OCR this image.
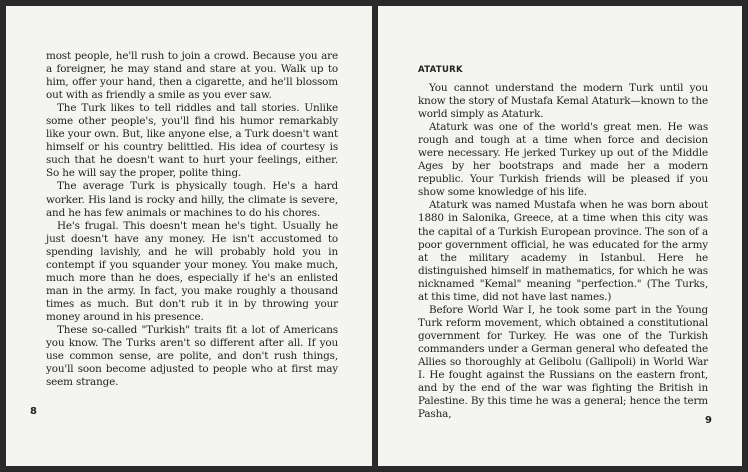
most people, he'll rush to join a crowd. Because you are a foreigner, he may stand and stare at you. Walk up to him, offer your hand, then a cigarette, and he'll blossom out with as friendly a smile as you ever saw.

The Turk likes to tell riddles and tall stories. Unlike some other people's, you'll find his humor remarkably like your own. But, like anyone else, a Turk doesn't want himself or his country belittled. His idea of courtesy is such that he doesn't want to hurt your feelings, either. So he will say the proper, polite thing.

The average Turk is physically tough. He's a hard worker. His land is rocky and hilly, the climate is severe, and he has few animals or machines to do his chores.

He's frugal. This doesn't mean he's tight. Usually he just doesn't have any money. He isn't accustomed to spending lavishly, and he will probably hold you in contempt if you squander your money. You make much, much more than he does, especially if he's an enlisted man in the army. In fact, you make roughly a thousand times as much. But don't rub it in by throwing your money around in his presence.

These so-called "Turkish" traits fit a lot of Americans you know. The Turks aren't so different after all. If you use common sense, are polite, and don't rush things, you'll soon become adjusted to people who at first may seem strange.

8
ATATURK

You cannot understand the modern Turk until you know the story of Mustafa Kemal Ataturk—known to the world simply as Ataturk.

Ataturk was one of the world's great men. He was rough and tough at a time when force and decision were necessary. He jerked Turkey up out of the Middle Ages by her bootstraps and made her a modern republic. Your Turkish friends will be pleased if you show some knowledge of his life.

Ataturk was named Mustafa when he was born about 1880 in Salonika, Greece, at a time when this city was the capital of a Turkish European province. The son of a poor government official, he was educated for the army at the military academy in Istanbul. Here he distinguished himself in mathematics, for which he was nicknamed "Kemal" meaning "perfection." (The Turks, at this time, did not have last names.)

Before World War I, he took some part in the Young Turk reform movement, which obtained a constitutional government for Turkey. He was one of the Turkish commanders under a German general who defeated the Allies so thoroughly at Gelibolu (Gallipoli) in World War I. He fought against the Russians on the eastern front, and by the end of the war was fighting the British in Palestine. By this time he was a general; hence the term Pasha,

9
